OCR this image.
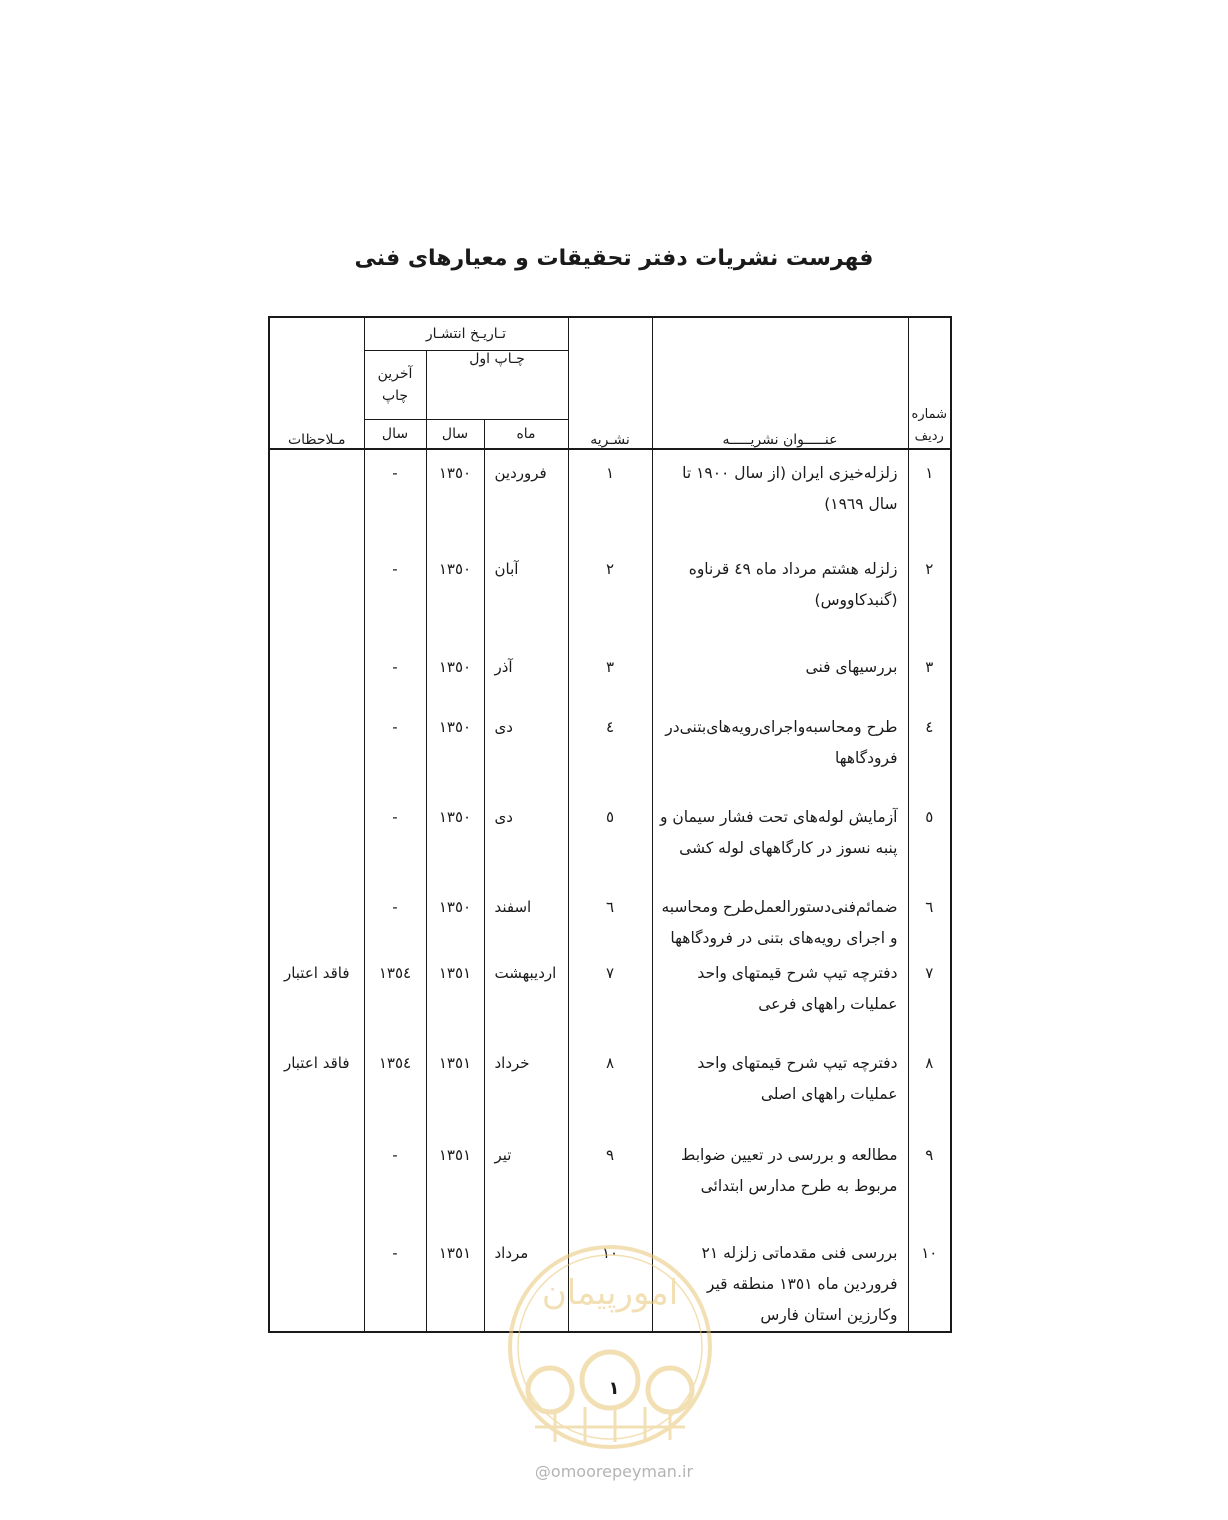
فهرست نشریات دفتر تحقیقات و معیارهای فنی
شماره
ردیف	عنـــــوان نشریـــــه	نشـریه	تـاریـخ انتشـار			مـلاحظات
			چـاپ اول		آخرین
چاپ	

			ماه	سال	سال	

١	زلزله‌خیزی ایران (از سال ١٩٠٠ تا سال ١٩٦٩)	١	فروردین	١٣٥٠	-	
٢	زلزله هشتم مرداد ماه ٤٩ قرناوه (گنبدکاووس)	٢	آبان	١٣٥٠	-	
٣	بررسیهای فنی	٣	آذر	١٣٥٠	-	
٤	طرح ومحاسبه‌واجرای‌رویه‌های‌بتنی‌در فرودگاهها	٤	دی	١٣٥٠	-	
٥	آزمایش لوله‌های تحت فشار سیمان و پنبه نسوز در کارگاههای لوله کشی	٥	دی	١٣٥٠	-	
٦	ضمائم‌فنی‌دستورالعمل‌طرح ومحاسبه و اجرای رویه‌های بتنی در فرودگاهها	٦	اسفند	١٣٥٠	-	
٧	دفترچه تیپ شرح قیمتهای واحد عملیات راههای فرعی	٧	اردیبهشت	١٣٥١	١٣٥٤	فاقد اعتبار
٨	دفترچه تیپ شرح قیمتهای واحد عملیات راههای اصلی	٨	خرداد	١٣٥١	١٣٥٤	فاقد اعتبار
٩	مطالعه و بررسی در تعیین ضوابط مربوط به طرح مدارس ابتدائی	٩	تیر	١٣٥١	-	
١٠	بررسی فنی مقدماتی زلزله ٢١ فروردین ماه ١٣٥١ منطقه قیر وکارزین استان فارس	١٠	مرداد	١٣٥١	-	
امورپیمان
١
@omoorepeyman.ir
